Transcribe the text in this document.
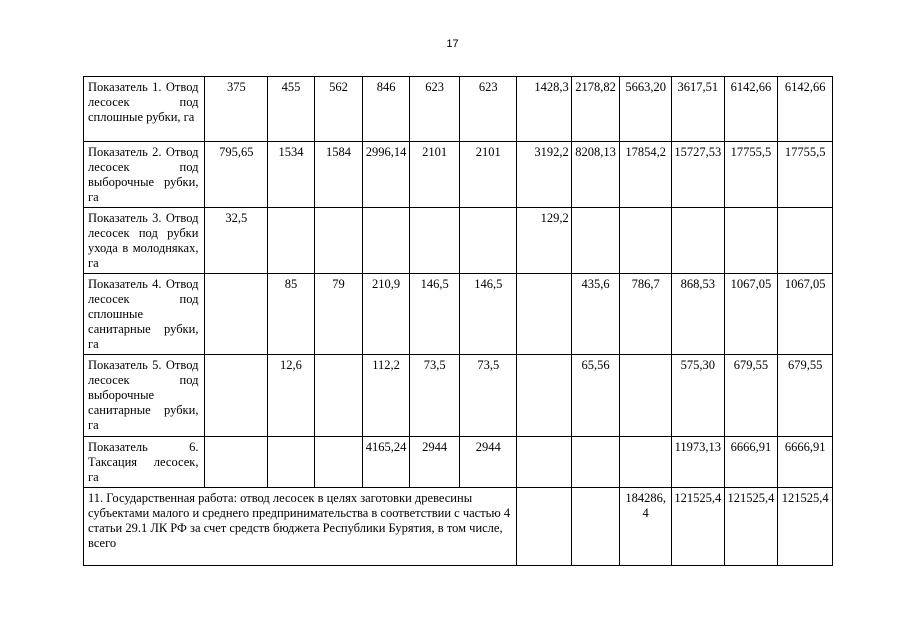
17
Показатель 1. Отвод лесосек под сплошные рубки, га	375	455	562	846	623	623	1428,3	2178,82	5663,20	3617,51	6142,66	6142,66
Показатель 2. Отвод лесосек под выборочные рубки, га	795,65	1534	1584	2996,14	2101	2101	3192,2	8208,13	17854,2	15727,53	17755,5	17755,5
Показатель 3. Отвод лесосек под рубки ухода в молодняках, га	32,5						129,2					
Показатель 4. Отвод лесосек под сплошные санитарные рубки, га		85	79	210,9	146,5	146,5		435,6	786,7	868,53	1067,05	1067,05
Показатель 5. Отвод лесосек под выборочные санитарные рубки, га		12,6		112,2	73,5	73,5		65,56		575,30	679,55	679,55
Показатель 6. Таксация лесосек, га				4165,24	2944	2944				11973,13	6666,91	6666,91
11. Государственная работа: отвод лесосек в целях заготовки древесины субъектами малого и среднего предпринимательства в соответствии с частью 4 статьи 29.1 ЛК РФ за счет средств бюджета Республики Бурятия, в том числе, всего									184286,4	121525,4	121525,4	121525,4
